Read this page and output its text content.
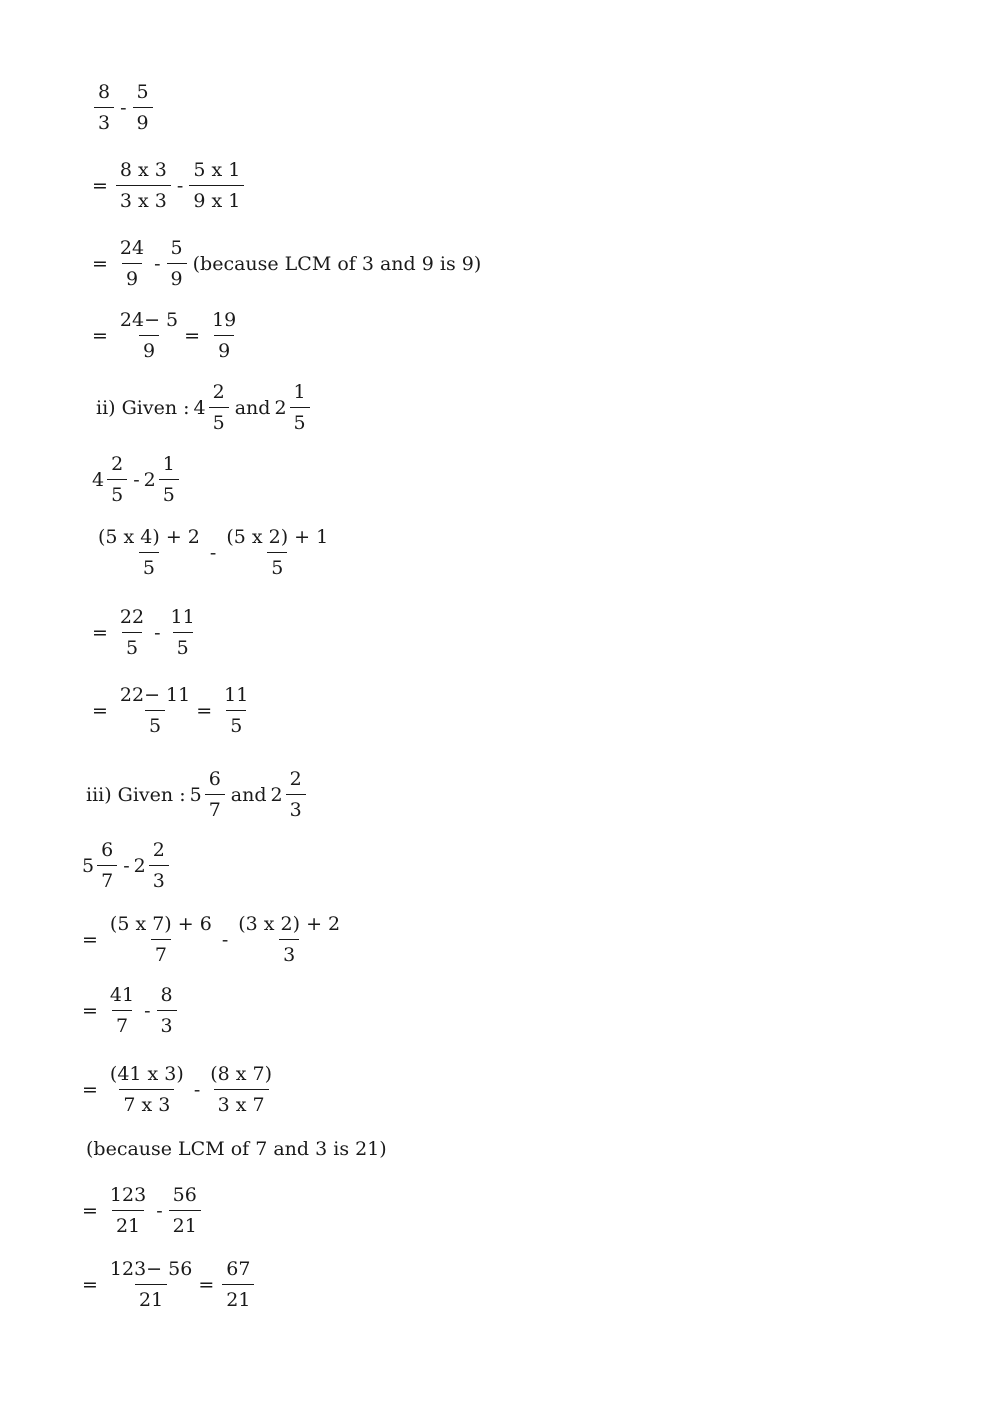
$\frac{8}{3} - \frac{5}{9}$
= $\frac{8 x 3}{3 x 3} - \frac{5 x 1}{9 x 1}$
= $\frac{24}{9} - \frac{5}{9}$ (because LCM of 3 and 9 is 9)
= $\frac{24- 5}{9} = \frac{19}{9}$
ii) Given : $4 \frac{2}{5}$ and $2 \frac{1}{5}$
$4 \frac{2}{5} - 2 \frac{1}{5}$
$\frac{(5 x 4) + 2}{5} - \frac{(5 x 2) + 1}{5}$
= $\frac{22}{5} - \frac{11}{5}$
= $\frac{22- 11}{5} = \frac{11}{5}$
iii) Given : $5 \frac{6}{7}$ and $2 \frac{2}{3}$
$5 \frac{6}{7} - 2 \frac{2}{3}$
= $\frac{(5 x 7) + 6}{7} - \frac{(3 x 2) + 2}{3}$
= $\frac{41}{7} - \frac{8}{3}$
= $\frac{(41 x 3)}{7 x 3} - \frac{(8 x 7)}{3 x 7}$
(because LCM of 7 and 3 is 21)
= $\frac{123}{21} - \frac{56}{21}$
= $\frac{123- 56}{21} = \frac{67}{21}$
